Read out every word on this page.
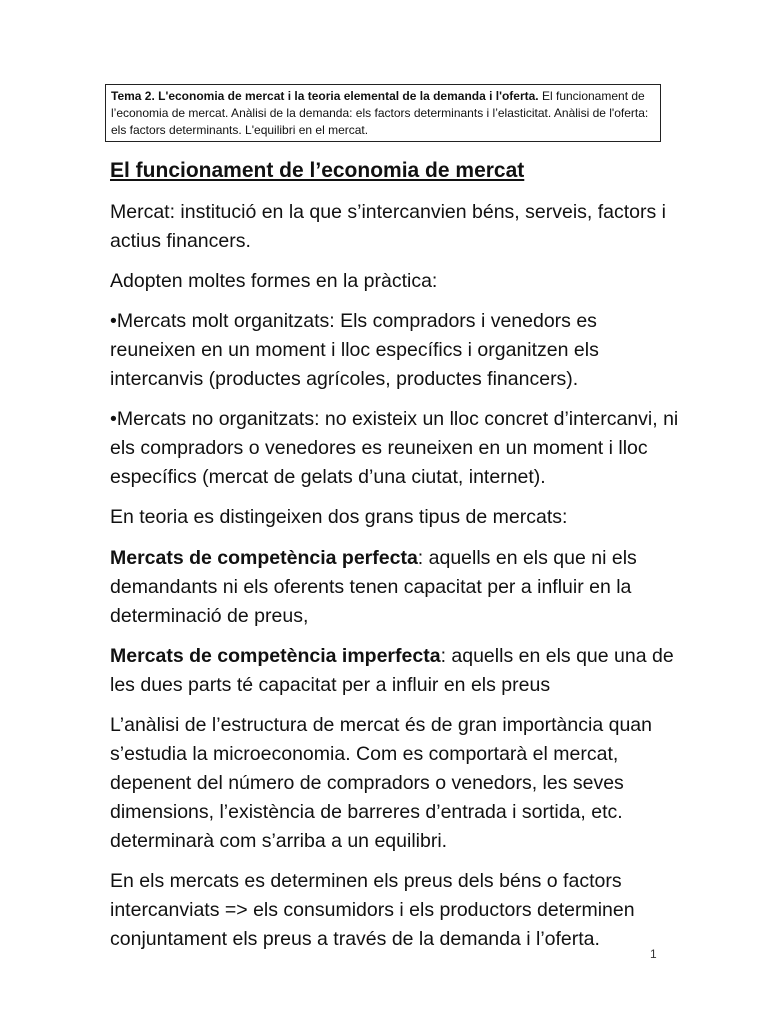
Tema 2. L'economia de mercat i la teoria elemental de la demanda i l'oferta. El funcionament de l’economia de mercat. Anàlisi de la demanda: els factors determinants i l’elasticitat. Anàlisi de l'oferta: els factors determinants. L'equilibri en el mercat.
El funcionament de l’economia de mercat

Mercat: institució en la que s’intercanvien béns, serveis, factors i actius financers.

Adopten moltes formes en la pràctica:

•Mercats molt organitzats: Els compradors i venedors es reuneixen en un moment i lloc específics i organitzen els intercanvis (productes agrícoles, productes financers).

•Mercats no organitzats: no existeix un lloc concret d’intercanvi, ni els compradors o venedores es reuneixen en un moment i lloc específics (mercat de gelats d’una ciutat, internet).

En teoria es distingeixen dos grans tipus de mercats:

Mercats de competència perfecta: aquells en els que ni els demandants ni els oferents tenen capacitat per a influir en la determinació de preus,

Mercats de competència imperfecta: aquells en els que una de les dues parts té capacitat per a influir en els preus

L’anàlisi de l’estructura de mercat és de gran importància quan s’estudia la microeconomia. Com es comportarà el mercat, depenent del número de compradors o venedors, les seves dimensions, l’existència de barreres d’entrada i sortida, etc. determinarà com s’arriba a un equilibri.

En els mercats es determinen els preus dels béns o factors intercanviats => els consumidors i els productors determinen conjuntament els preus a través de la demanda i l’oferta.

1
